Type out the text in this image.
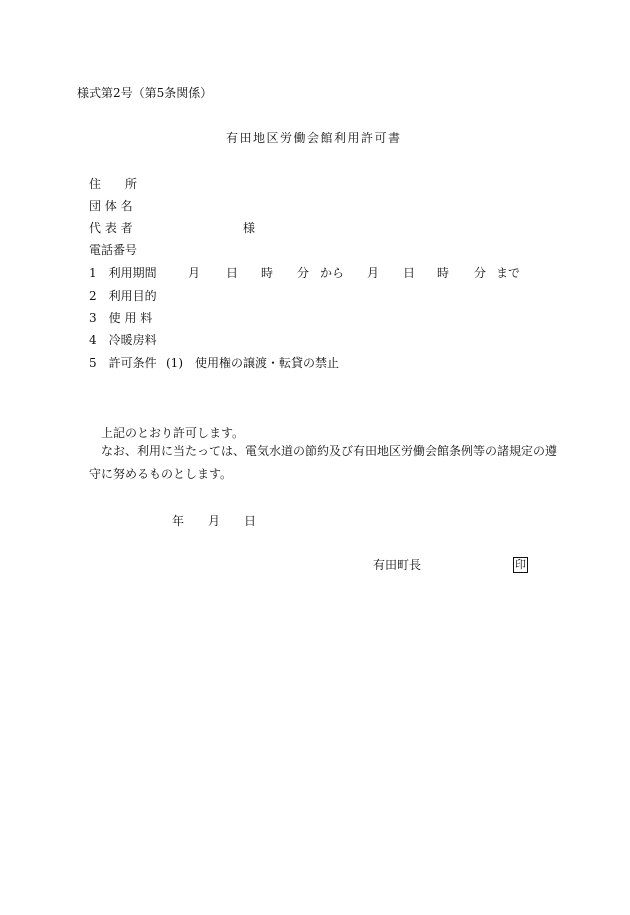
様式第2号（第5条関係）
有田地区労働会館利用許可書
住　　所
団 体 名
代 表 者	様
電話番号
1　利用期間	月 日 時 分 から 月 日 時 分 まで
2　利用目的
3　使 用 料
4　冷暖房料
5　許可条件 (1) 使用権の譲渡・転貸の禁止
上記のとおり許可します。
なお、利用に当たっては、電気水道の節約及び有田地区労働会館条例等の諸規定の遵守に努めるものとします。
年 月 日
有田町長	印
